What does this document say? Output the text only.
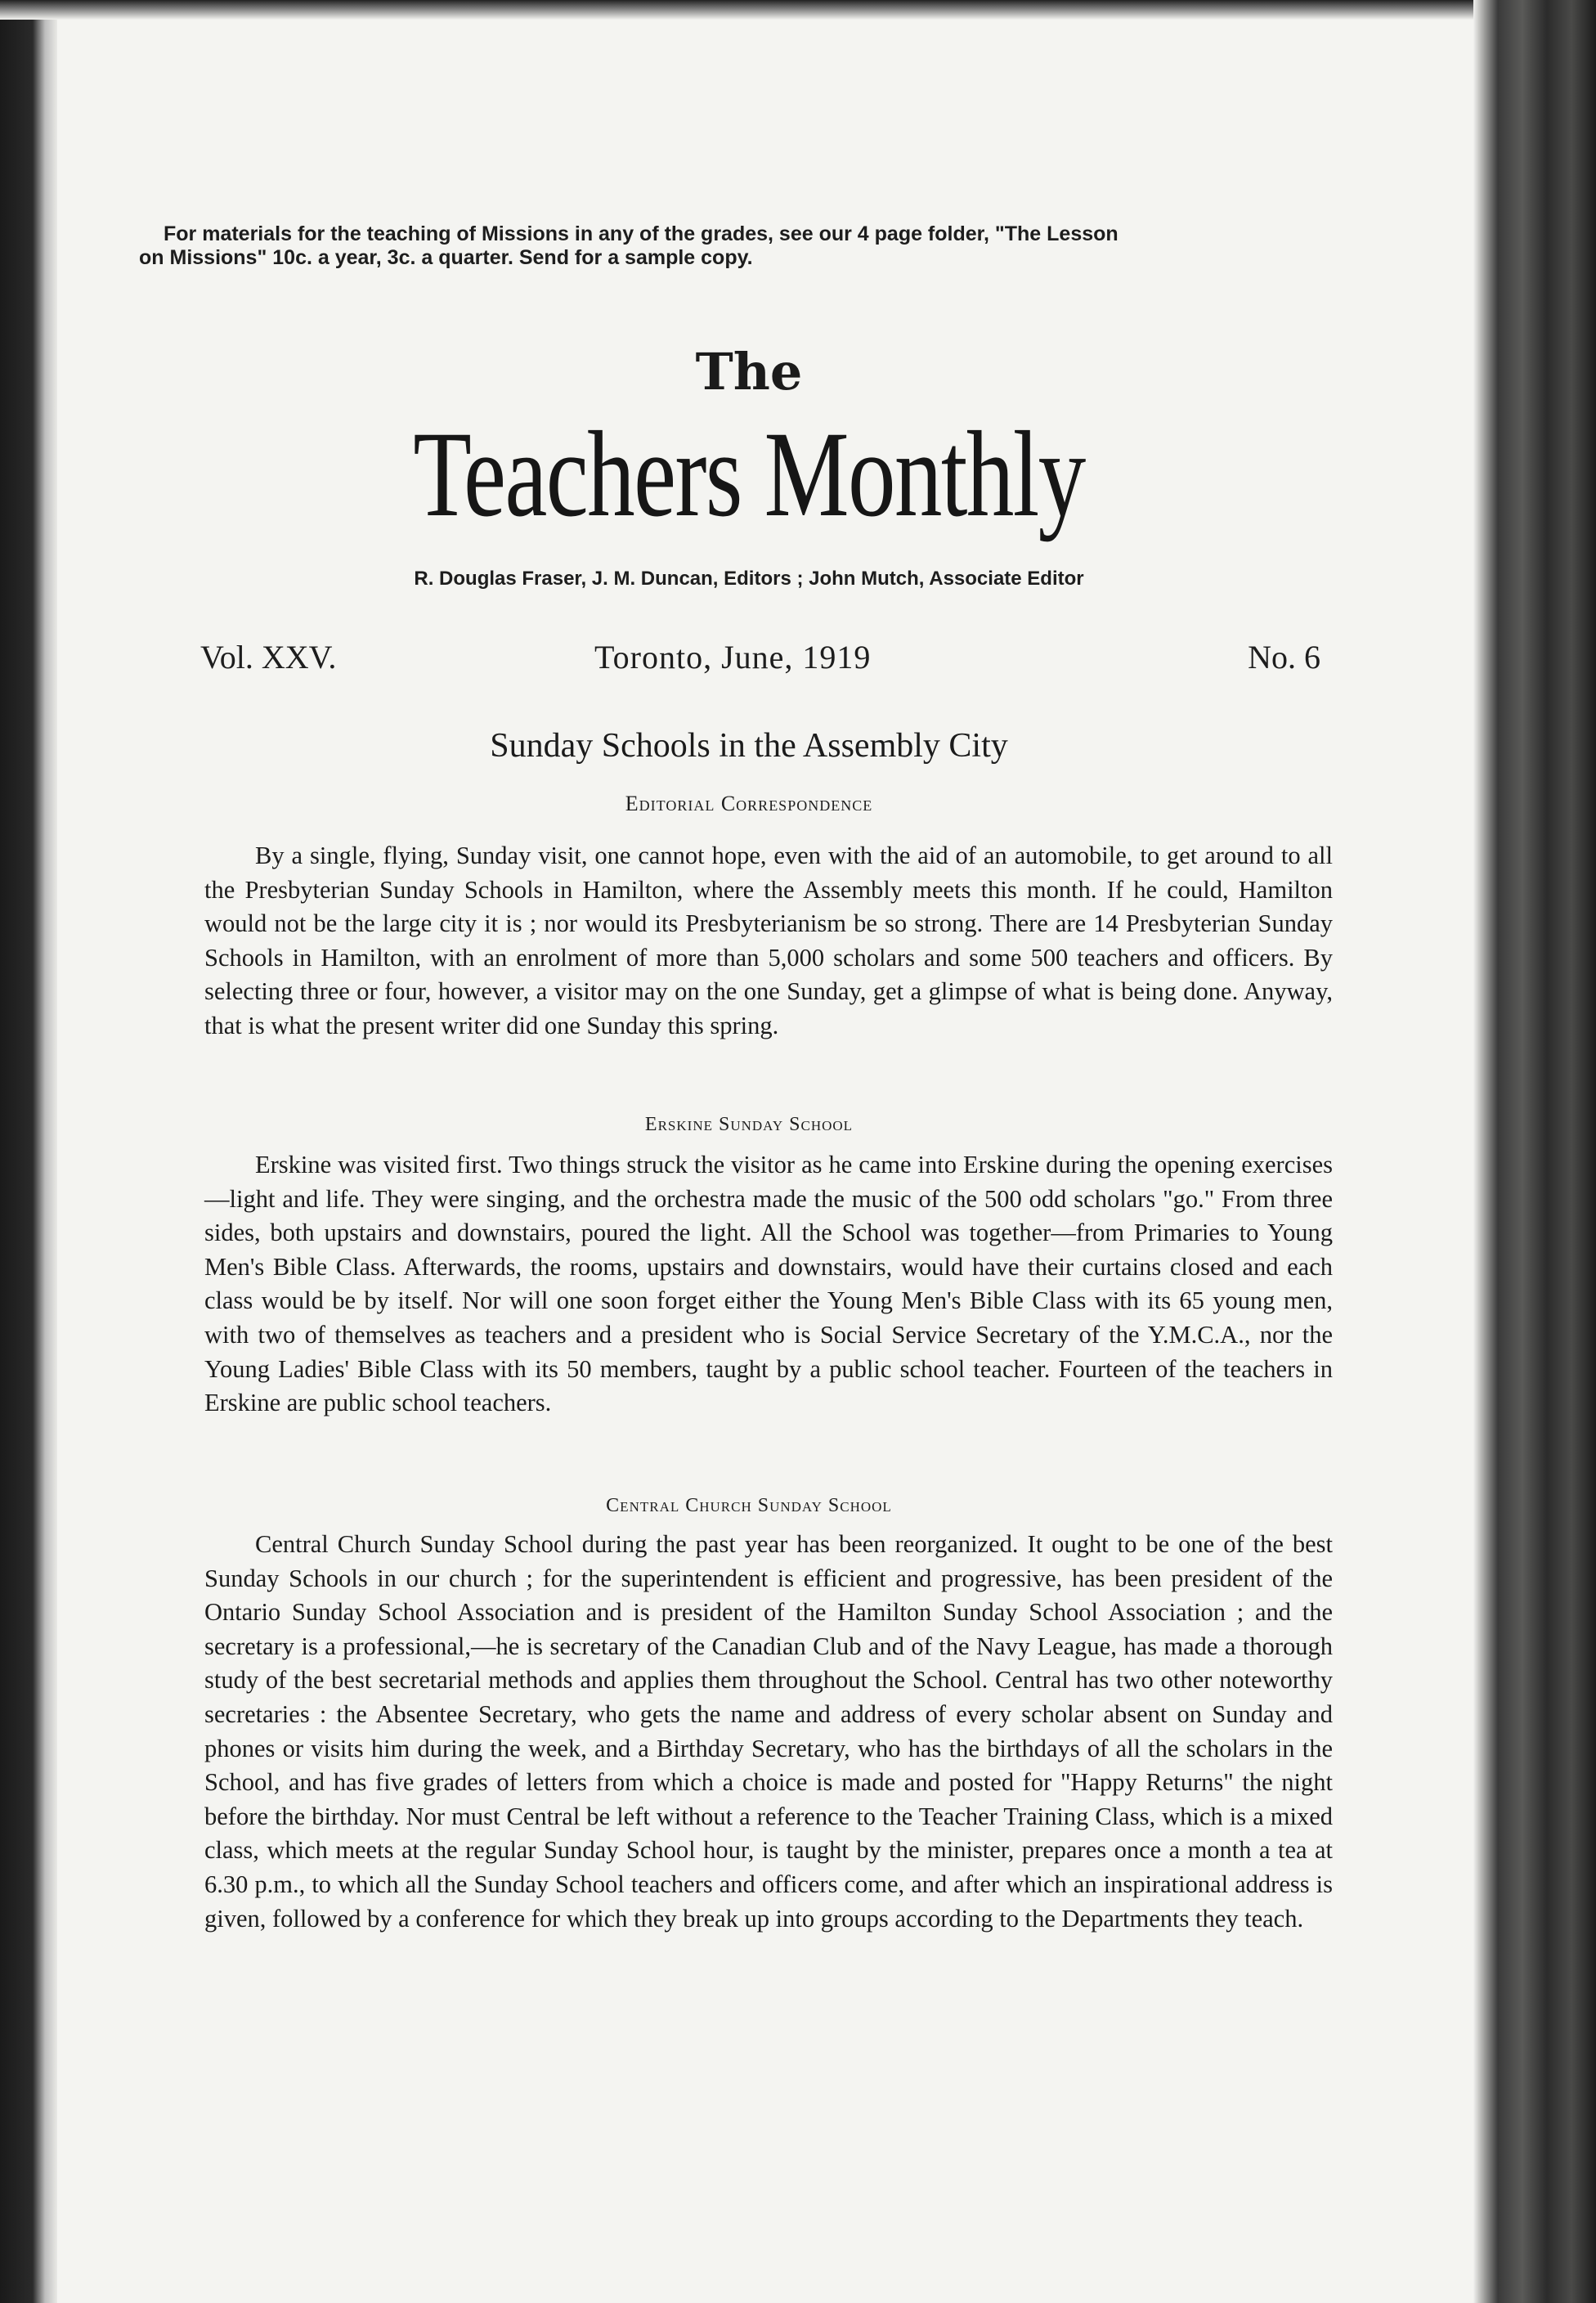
For materials for the teaching of Missions in any of the grades, see our 4 page folder, "The Lesson

on Missions" 10c. a year, 3c. a quarter. Send for a sample copy.
The
Teachers Monthly
R. Douglas Fraser, J. M. Duncan, Editors ; John Mutch, Associate Editor
Vol. XXV.	Toronto, June, 1919	No. 6
Sunday Schools in the Assembly City
Editorial Correspondence

By a single, flying, Sunday visit, one cannot hope, even with the aid of an automobile, to get around to all the Presbyterian Sunday Schools in Hamilton, where the Assembly meets this month. If he could, Hamilton would not be the large city it is ; nor would its Presbyterianism be so strong. There are 14 Presbyterian Sunday Schools in Hamilton, with an enrolment of more than 5,000 scholars and some 500 teachers and officers. By selecting three or four, however, a visitor may on the one Sunday, get a glimpse of what is being done. Anyway, that is what the present writer did one Sunday this spring.

Erskine Sunday School

Erskine was visited first. Two things struck the visitor as he came into Erskine during the opening exercises—light and life. They were singing, and the orchestra made the music of the 500 odd scholars "go." From three sides, both upstairs and downstairs, poured the light. All the School was together—from Primaries to Young Men's Bible Class. Afterwards, the rooms, upstairs and downstairs, would have their curtains closed and each class would be by itself. Nor will one soon forget either the Young Men's Bible Class with its 65 young men, with two of themselves as teachers and a president who is Social Service Secretary of the Y.M.C.A., nor the Young Ladies' Bible Class with its 50 members, taught by a public school teacher. Fourteen of the teachers in Erskine are public school teachers.

Central Church Sunday School

Central Church Sunday School during the past year has been reorganized. It ought to be one of the best Sunday Schools in our church ; for the superintendent is efficient and progressive, has been president of the Ontario Sunday School Association and is president of the Hamilton Sunday School Association ; and the secretary is a professional,—he is secretary of the Canadian Club and of the Navy League, has made a thorough study of the best secretarial methods and applies them throughout the School. Central has two other noteworthy secretaries : the Absentee Secretary, who gets the name and address of every scholar absent on Sunday and phones or visits him during the week, and a Birthday Secretary, who has the birthdays of all the scholars in the School, and has five grades of letters from which a choice is made and posted for "Happy Returns" the night before the birthday. Nor must Central be left without a reference to the Teacher Training Class, which is a mixed class, which meets at the regular Sunday School hour, is taught by the minister, prepares once a month a tea at 6.30 p.m., to which all the Sunday School teachers and officers come, and after which an inspirational address is given, followed by a conference for which they break up into groups according to the Departments they teach.
